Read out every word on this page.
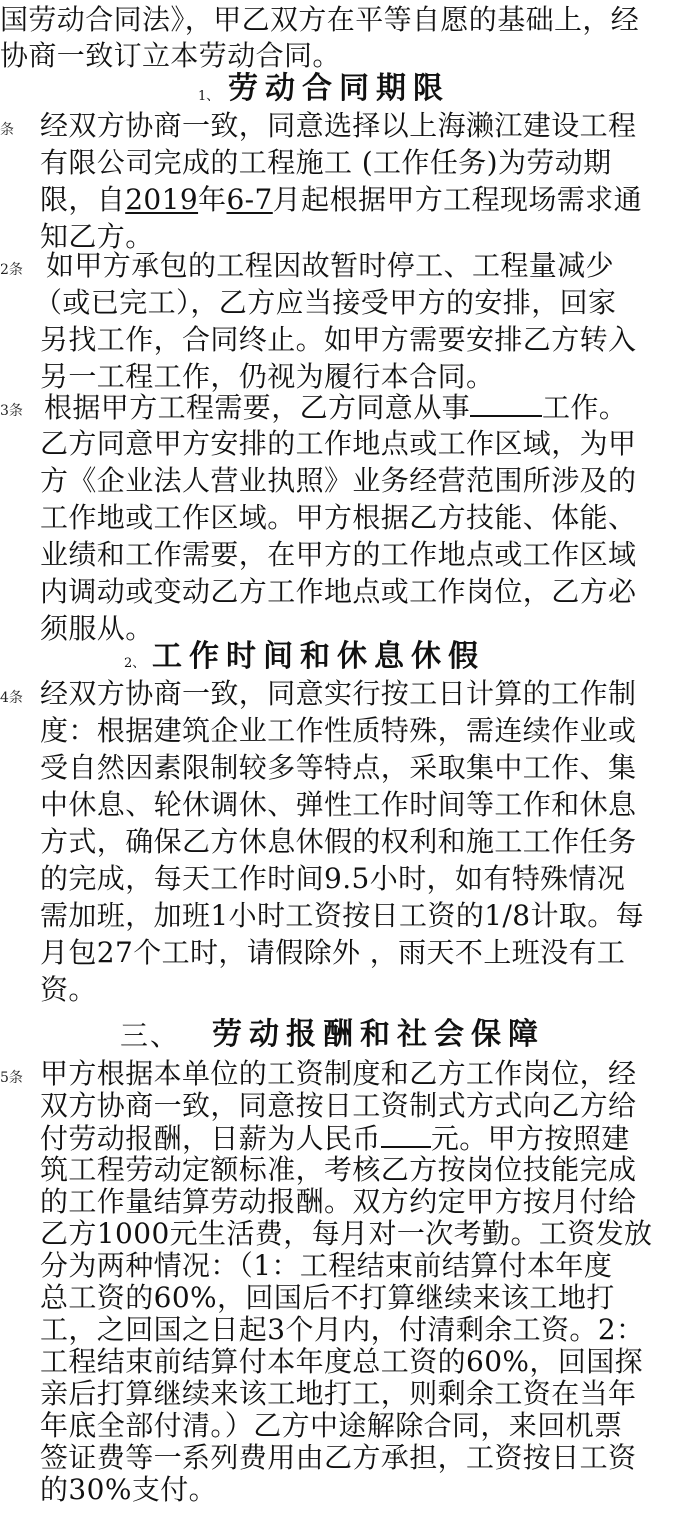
国劳动合同法》，甲乙双方在平等自愿的基础上，经
协商一致订立本劳动合同。
1、 劳动合同期限
条 经双方协商一致，同意选择以上海濑江建设工程
有限公司完成的工程施工 (工作任务)为劳动期
限，自2019年6-7月起根据甲方工程现场需求通
知乙方。
2条 如甲方承包的工程因故暂时停工、工程量减少
（或已完工），乙方应当接受甲方的安排，回家
另找工作，合同终止。如甲方需要安排乙方转入
另一工程工作，仍视为履行本合同。
3条 根据甲方工程需要，乙方同意从事	工作。
乙方同意甲方安排的工作地点或工作区域，为甲
方《企业法人营业执照》业务经营范围所涉及的
工作地或工作区域。甲方根据乙方技能、体能、
业绩和工作需要，在甲方的工作地点或工作区域
内调动或变动乙方工作地点或工作岗位，乙方必
须服从。
2、 工作时间和休息休假
4条 经双方协商一致，同意实行按工日计算的工作制
度：根据建筑企业工作性质特殊，需连续作业或
受自然因素限制较多等特点，采取集中工作、集
中休息、轮休调休、弹性工作时间等工作和休息
方式，确保乙方休息休假的权利和施工工作任务
的完成，每天工作时间9.5小时，如有特殊情况
需加班，加班1小时工资按日工资的1/8计取。每
月包27个工时，请假除外 ，雨天不上班没有工
资。
三、 劳动报酬和社会保障
5条 甲方根据本单位的工资制度和乙方工作岗位，经
双方协商一致，同意按日工资制式方式向乙方给
付劳动报酬，日薪为人民币 元。甲方按照建
筑工程劳动定额标准，考核乙方按岗位技能完成
的工作量结算劳动报酬。双方约定甲方按月付给
乙方1000元生活费，每月对一次考勤。工资发放
分为两种情况：（1：工程结束前结算付本年度
总工资的60%，回国后不打算继续来该工地打
工，之回国之日起3个月内，付清剩余工资。2：
工程结束前结算付本年度总工资的60%，回国探
亲后打算继续来该工地打工，则剩余工资在当年
年底全部付清。）乙方中途解除合同，来回机票
签证费等一系列费用由乙方承担，工资按日工资
的30%支付。
